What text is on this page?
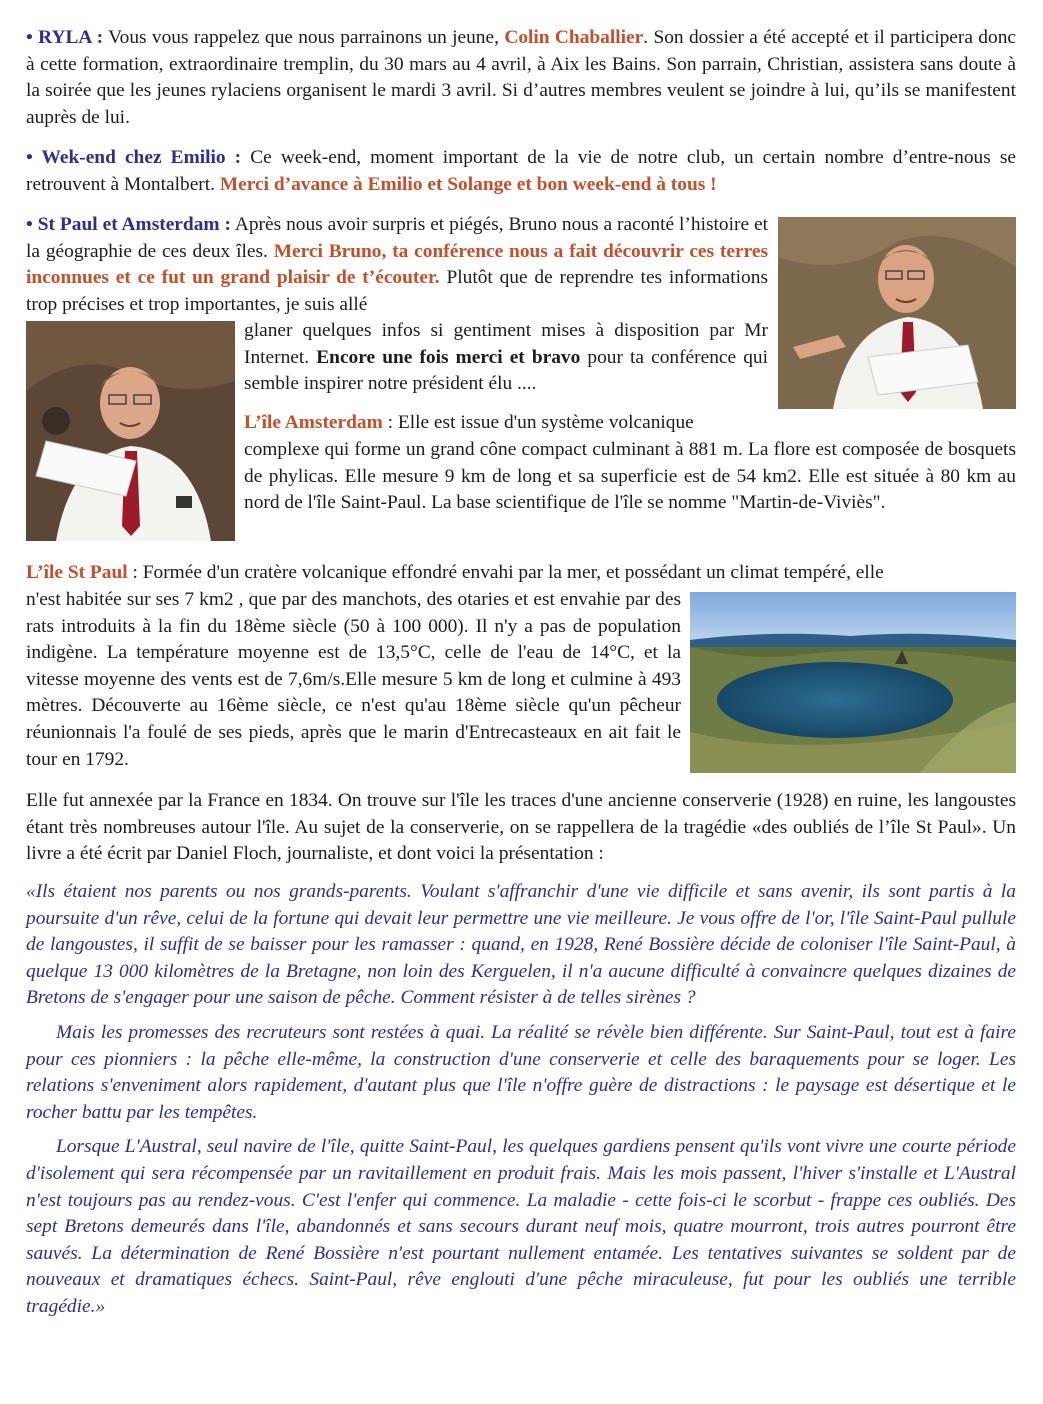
• RYLA : Vous vous rappelez que nous parrainons un jeune, Colin Chaballier. Son dossier a été accepté et il participera donc à cette formation, extraordinaire tremplin, du 30 mars au 4 avril, à Aix les Bains. Son parrain, Christian, assistera sans doute à la soirée que les jeunes rylaciens organisent le mardi 3 avril. Si d’autres membres veulent se joindre à lui, qu’ils se manifestent auprès de lui.

• Wek-end chez Emilio : Ce week-end, moment important de la vie de notre club, un certain nombre d’entre-nous se retrouvent à Montalbert. Merci d’avance à Emilio et Solange et bon week-end à tous !

• St Paul et Amsterdam : Après nous avoir surpris et piégés, Bruno nous a raconté l’histoire et la géographie de ces deux îles. Merci Bruno, ta conférence nous a fait découvrir ces terres inconnues et ce fut un grand plaisir de t’écouter. Plutôt que de reprendre tes informations trop précises et trop importantes, je suis allé

glaner quelques infos si gentiment mises à disposition par Mr Internet. Encore une fois merci et bravo pour ta conférence qui semble inspirer notre président élu ....

L’île Amsterdam : Elle est issue d'un système volcanique

complexe qui forme un grand cône compact culminant à 881 m. La flore est composée de bosquets de phylicas. Elle mesure 9 km de long et sa superficie est de 54 km2. Elle est située à 80 km au nord de l'île Saint-Paul. La base scientifique de l'île se nomme "Martin-de-Viviès".

L’île St Paul : Formée d'un cratère volcanique effondré envahi par la mer, et possédant un climat tempéré, elle

n'est habitée sur ses 7 km2 , que par des manchots, des otaries et est envahie par des rats introduits à la fin du 18ème siècle (50 à 100 000). Il n'y a pas de population indigène. La température moyenne est de 13,5°C, celle de l'eau de 14°C, et la vitesse moyenne des vents est de 7,6m/s.Elle mesure 5 km de long et culmine à 493 mètres. Découverte au 16ème siècle, ce n'est qu'au 18ème siècle qu'un pêcheur réunionnais l'a foulé de ses pieds, après que le marin d'Entrecasteaux en ait fait le tour en 1792.

Elle fut annexée par la France en 1834. On trouve sur l'île les traces d'une ancienne conserverie (1928) en ruine, les langoustes étant très nombreuses autour l'île. Au sujet de la conserverie, on se rappellera de la tragédie «des oubliés de l’île St Paul». Un livre a été écrit par Daniel Floch, journaliste, et dont voici la présentation :

«Ils étaient nos parents ou nos grands-parents. Voulant s'affranchir d'une vie difficile et sans avenir, ils sont partis à la poursuite d'un rêve, celui de la fortune qui devait leur permettre une vie meilleure. Je vous offre de l'or, l'île Saint-Paul pullule de langoustes, il suffit de se baisser pour les ramasser : quand, en 1928, René Bossière décide de coloniser l'île Saint-Paul, à quelque 13 000 kilomètres de la Bretagne, non loin des Kerguelen, il n'a aucune difficulté à convaincre quelques dizaines de Bretons de s'engager pour une saison de pêche. Comment résister à de telles sirènes ?

Mais les promesses des recruteurs sont restées à quai. La réalité se révèle bien différente. Sur Saint-Paul, tout est à faire pour ces pionniers : la pêche elle-même, la construction d'une conserverie et celle des baraquements pour se loger. Les relations s'enveniment alors rapidement, d'autant plus que l'île n'offre guère de distractions : le paysage est désertique et le rocher battu par les tempêtes.

Lorsque L'Austral, seul navire de l'île, quitte Saint-Paul, les quelques gardiens pensent qu'ils vont vivre une courte période d'isolement qui sera récompensée par un ravitaillement en produit frais. Mais les mois passent, l'hiver s'installe et L'Austral n'est toujours pas au rendez-vous. C'est l'enfer qui commence. La maladie - cette fois-ci le scorbut - frappe ces oubliés. Des sept Bretons demeurés dans l'île, abandonnés et sans secours durant neuf mois, quatre mourront, trois autres pourront être sauvés. La détermination de René Bossière n'est pourtant nullement entamée. Les tentatives suivantes se soldent par de nouveaux et dramatiques échecs. Saint-Paul, rêve englouti d'une pêche miraculeuse, fut pour les oubliés une terrible tragédie.»
